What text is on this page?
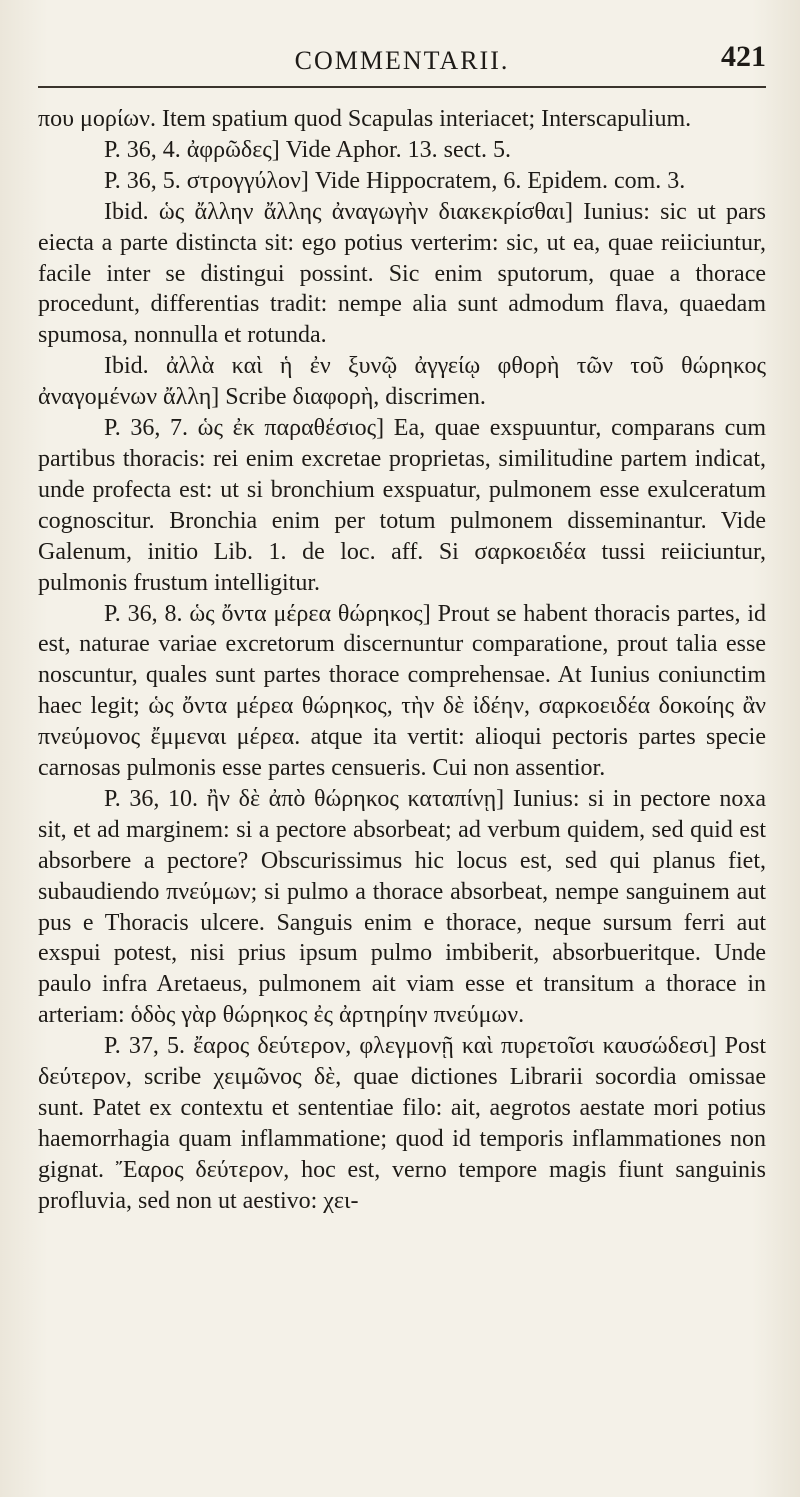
COMMENTARII.	421

που μορίων. Item spatium quod Scapulas interiacet; Interscapulium.

P. 36, 4. ἀφρῶδες] Vide Aphor. 13. sect. 5.

P. 36, 5. στρογγύλον] Vide Hippocratem, 6. Epidem. com. 3.

Ibid. ὡς ἄλλην ἄλλης ἀναγωγὴν διακεκρίσθαι] Iunius: sic ut pars eiecta a parte distincta sit: ego potius verterim: sic, ut ea, quae reiiciuntur, facile inter se distingui possint. Sic enim sputorum, quae a thorace procedunt, differentias tradit: nempe alia sunt admodum flava, quaedam spumosa, nonnulla et rotunda.

Ibid. ἀλλὰ καὶ ἡ ἐν ξυνῷ ἀγγείῳ φθορὴ τῶν τοῦ θώρηκος ἀναγομένων ἄλλη] Scribe διαφορὴ, discrimen.

P. 36, 7. ὡς ἐκ παραθέσιος] Ea, quae exspuuntur, comparans cum partibus thoracis: rei enim excretae proprietas, similitudine partem indicat, unde profecta est: ut si bronchium exspuatur, pulmonem esse exulceratum cognoscitur. Bronchia enim per totum pulmonem disseminantur. Vide Galenum, initio Lib. 1. de loc. aff. Si σαρκοειδέα tussi reiiciuntur, pulmonis frustum intelligitur.

P. 36, 8. ὡς ὄντα μέρεα θώρηκος] Prout se habent thoracis partes, id est, naturae variae excretorum discernuntur comparatione, prout talia esse noscuntur, quales sunt partes thorace comprehensae. At Iunius coniunctim haec legit; ὡς ὄντα μέρεα θώρηκος, τὴν δὲ ἰδέην, σαρκοειδέα δοκοίης ἂν πνεύμονος ἔμμεναι μέρεα. atque ita vertit: alioqui pectoris partes specie carnosas pulmonis esse partes censueris. Cui non assentior.

P. 36, 10. ἢν δὲ ἀπὸ θώρηκος καταπίνῃ] Iunius: si in pectore noxa sit, et ad marginem: si a pectore absorbeat; ad verbum quidem, sed quid est absorbere a pectore? Obscurissimus hic locus est, sed qui planus fiet, subaudiendo πνεύμων; si pulmo a thorace absorbeat, nempe sanguinem aut pus e Thoracis ulcere. Sanguis enim e thorace, neque sursum ferri aut exspui potest, nisi prius ipsum pulmo imbiberit, absorbueritque. Unde paulo infra Aretaeus, pulmonem ait viam esse et transitum a thorace in arteriam: ὁδὸς γὰρ θώρηκος ἐς ἀρτηρίην πνεύμων.

P. 37, 5. ἔαρος δεύτερον, φλεγμονῇ καὶ πυρετοῖσι καυσώδεσι] Post δεύτερον, scribe χειμῶνος δὲ, quae dictiones Librarii socordia omissae sunt. Patet ex contextu et sententiae filo: ait, aegrotos aestate mori potius haemorrhagia quam inflammatione; quod id temporis inflammationes non gignat. Ἔαρος δεύτερον, hoc est, verno tempore magis fiunt sanguinis profluvia, sed non ut aestivo: χει-
